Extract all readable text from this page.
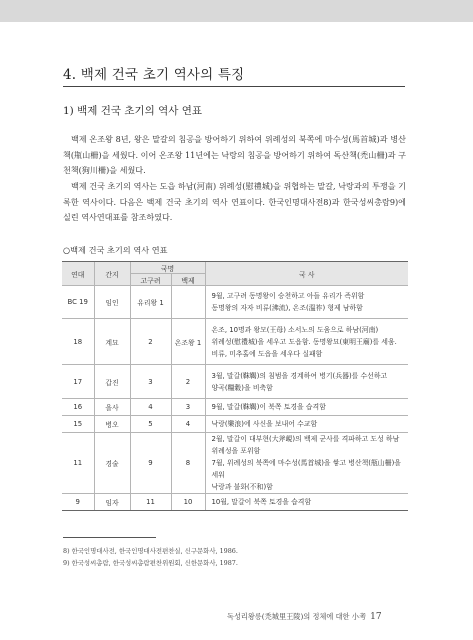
4. 백제 건국 초기 역사의 특징
1) 백제 건국 초기의 역사 연표

백제 온조왕 8년, 왕은 말갈의 침공을 방어하기 위하여 위례성의 북쪽에 마수성(馬首城)과 병산책(甁山柵)을 세웠다. 이어 온조왕 11년에는 낙랑의 침공을 방어하기 위하여 독산책(禿山柵)과 구천책(狗川柵)을 세웠다.

백제 건국 초기의 역사는 도읍 하남(河南) 위례성(慰禮城)을 위협하는 말갈, 낙랑과의 투쟁을 기록한 역사이다. 다음은 백제 건국 초기의 역사 연표이다. 한국인명대사전8)과 한국성씨총람9)에 실린 역사연대표를 참조하였다.

○백제 건국 초기의 역사 연표
연대	간지	국명		국 사
		고구려	백제	
BC 19	임인	유리왕 1		9월, 고구려 동명왕이 승천하고 아들 유리가 즉위함
동명왕의 자자 비류(沸流), 온조(溫祚) 형제 남하함

18	계묘	2	온조왕 1	온조, 10명과 왕모(王母) 소서노의 도움으로 하남(河南)
위례성(慰禮城)을 세우고 도읍함. 동명왕묘(東明王廟)를 세움.
비류, 미추홀에 도읍을 세우다 실패함

17	갑진	3	2	3월, 말갈(靺鞨)의 침범을 경계하여 병기(兵器)를 수선하고
양곡(糧穀)을 비축함

16	을사	4	3	9월, 말갈(靺鞨)이 북쪽 토경을 습격함

15	병오	5	4	낙랑(樂浪)에 사신을 보내어 수교함

11	경술	9	8	2월, 말갈이 대부현(大斧峴)의 백제 군사를 격파하고 도성 하남
위례성을 포위함
7월, 위례성의 북쪽에 마수성(馬首城)을 쌓고 병산책(甁山柵)을 세워
낙랑과 불화(不和)함

9	임자	11	10	10월, 말갈이 북쪽 토경을 습격함
8) 한국인명대사전, 한국인명대사전편찬실, 신구문화사, 1986.
9) 한국성씨총람, 한국성씨총람편찬위원회, 신한문화사, 1987.
독성리왕릉(禿城里王陵)의 정체에 대한 小考 17
